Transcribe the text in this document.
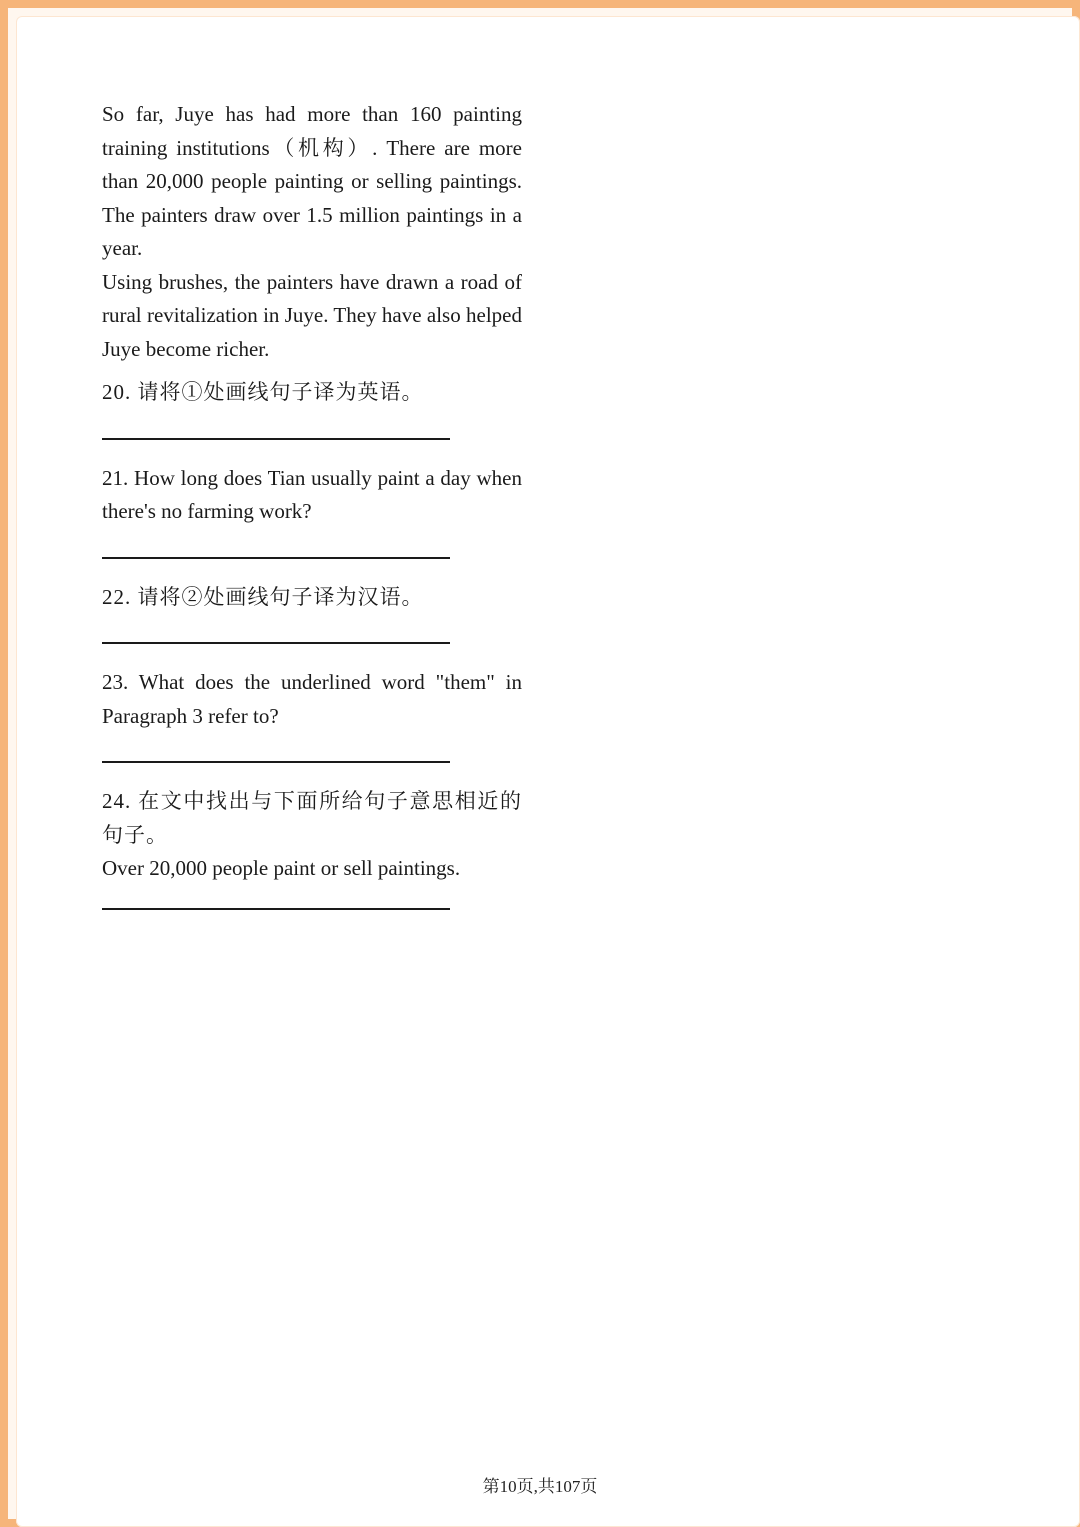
So far, Juye has had more than 160 painting training institutions（机构）. There are more than 20,000 people painting or selling paintings. The painters draw over 1.5 million paintings in a year.

Using brushes, the painters have drawn a road of rural revitalization in Juye. They have also helped Juye become richer.

20. 请将①处画线句子译为英语。
21. How long does Tian usually paint a day when there's no farming work?
22. 请将②处画线句子译为汉语。
23. What does the underlined word "them" in Paragraph 3 refer to?
24. 在文中找出与下面所给句子意思相近的句子。

Over 20,000 people paint or sell paintings.

第10页,共107页
